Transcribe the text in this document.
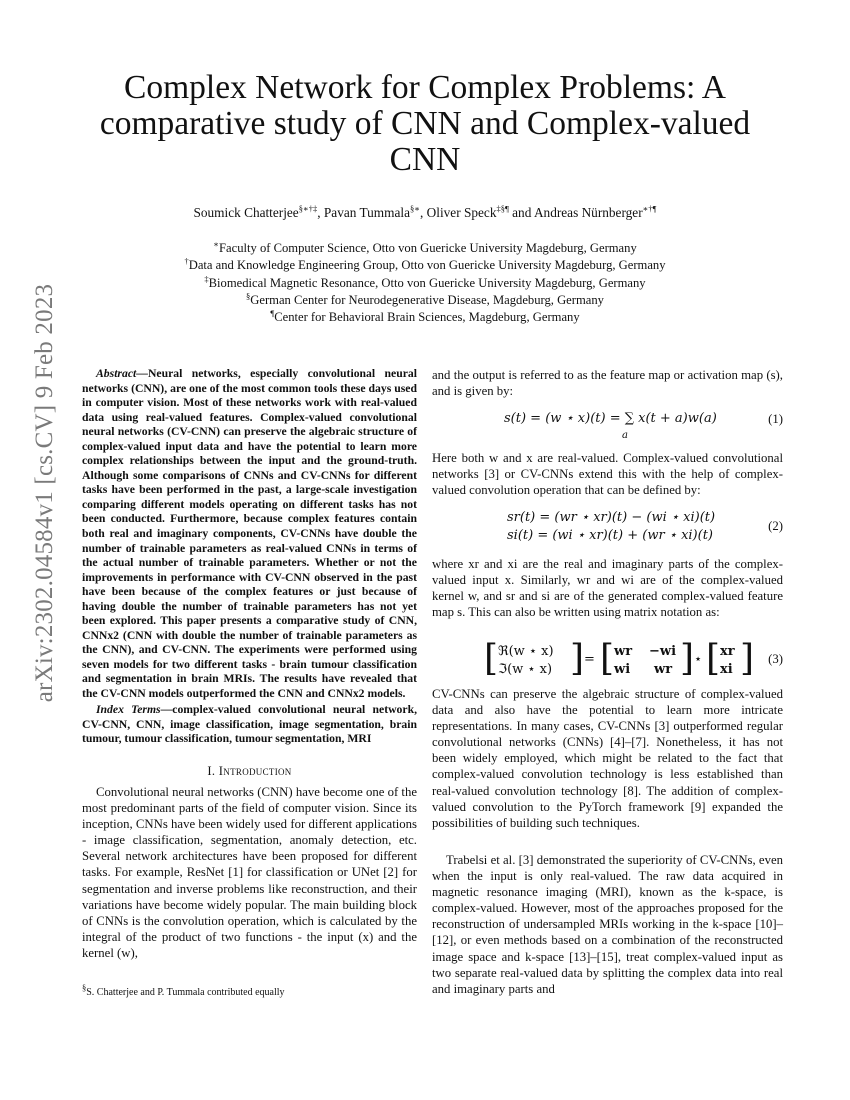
arXiv:2302.04584v1 [cs.CV] 9 Feb 2023
Complex Network for Complex Problems: A
comparative study of CNN and Complex-valued
CNN
Soumick Chatterjee§∗†‡, Pavan Tummala§∗, Oliver Speck‡§¶ and Andreas Nürnberger∗†¶
∗Faculty of Computer Science, Otto von Guericke University Magdeburg, Germany
†Data and Knowledge Engineering Group, Otto von Guericke University Magdeburg, Germany
‡Biomedical Magnetic Resonance, Otto von Guericke University Magdeburg, Germany
§German Center for Neurodegenerative Disease, Magdeburg, Germany
¶Center for Behavioral Brain Sciences, Magdeburg, Germany
Abstract—Neural networks, especially convolutional neural networks (CNN), are one of the most common tools these days used in computer vision. Most of these networks work with real-valued data using real-valued features. Complex-valued convolutional neural networks (CV-CNN) can preserve the algebraic structure of complex-valued input data and have the potential to learn more complex relationships between the input and the ground-truth. Although some comparisons of CNNs and CV-CNNs for different tasks have been performed in the past, a large-scale investigation comparing different models operating on different tasks has not been conducted. Furthermore, because complex features contain both real and imaginary components, CV-CNNs have double the number of trainable parameters as real-valued CNNs in terms of the actual number of trainable parameters. Whether or not the improvements in performance with CV-CNN observed in the past have been because of the complex features or just because of having double the number of trainable parameters has not yet been explored. This paper presents a comparative study of CNN, CNNx2 (CNN with double the number of trainable parameters as the CNN), and CV-CNN. The experiments were performed using seven models for two different tasks - brain tumour classification and segmentation in brain MRIs. The results have revealed that the CV-CNN models outperformed the CNN and CNNx2 models.
Index Terms—complex-valued convolutional neural network, CV-CNN, CNN, image classification, image segmentation, brain tumour, tumour classification, tumour segmentation, MRI
I. Introduction
Convolutional neural networks (CNN) have become one of the most predominant parts of the field of computer vision. Since its inception, CNNs have been widely used for different applications - image classification, segmentation, anomaly detection, etc. Several network architectures have been proposed for different tasks. For example, ResNet [1] for classification or UNet [2] for segmentation and inverse problems like reconstruction, and their variations have become widely popular. The main building block of CNNs is the convolution operation, which is calculated by the integral of the product of two functions - the input (x) and the kernel (w),
§S. Chatterjee and P. Tummala contributed equally
and the output is referred to as the feature map or activation map (s), and is given by:
s(t) = (w ⋆ x)(t) = ∑ x(t + a)w(a)
a
(1)
Here both w and x are real-valued. Complex-valued convolutional networks [3] or CV-CNNs extend this with the help of complex-valued convolution operation that can be defined by:
sr(t) = (wr ⋆ xr)(t) − (wi ⋆ xi)(t)
si(t) = (wi ⋆ xr)(t) + (wr ⋆ xi)(t)
(2)
where xr and xi are the real and imaginary parts of the complex-valued input x. Similarly, wr and wi are of the complex-valued kernel w, and sr and si are of the generated complex-valued feature map s. This can also be written using matrix notation as:
[ ℜ(w ⋆ x)
ℑ(w ⋆ x) ] = [ wr −wi
wi wr ] ⋆ [ xr
xi ] (3)
CV-CNNs can preserve the algebraic structure of complex-valued data and also have the potential to learn more intricate representations. In many cases, CV-CNNs [3] outperformed regular convolutional networks (CNNs) [4]–[7]. Nonetheless, it has not been widely employed, which might be related to the fact that complex-valued convolution technology is less established than real-valued convolution technology [8]. The addition of complex-valued convolution to the PyTorch framework [9] expanded the possibilities of building such techniques.
Trabelsi et al. [3] demonstrated the superiority of CV-CNNs, even when the input is only real-valued. The raw data acquired in magnetic resonance imaging (MRI), known as the k-space, is complex-valued. However, most of the approaches proposed for the reconstruction of undersampled MRIs working in the k-space [10]–[12], or even methods based on a combination of the reconstructed image space and k-space [13]–[15], treat complex-valued input as two separate real-valued data by splitting the complex data into real and imaginary parts and
